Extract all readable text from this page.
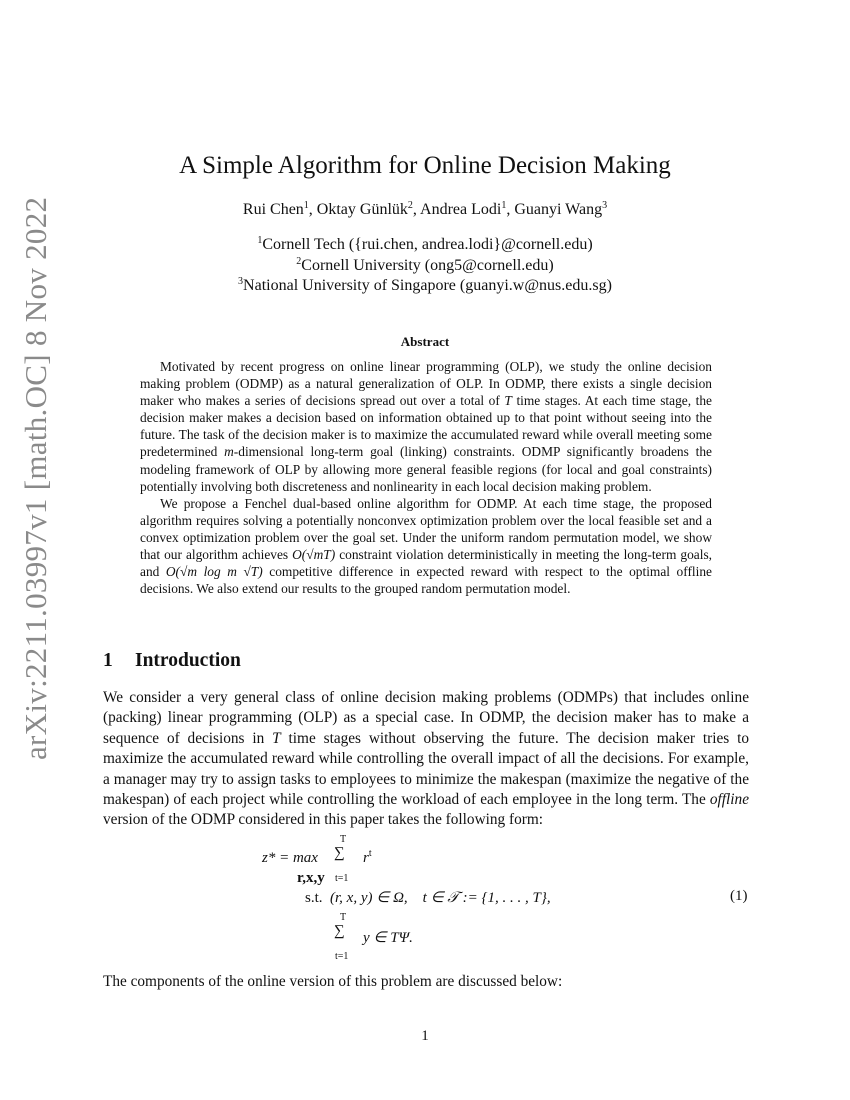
arXiv:2211.03997v1 [math.OC] 8 Nov 2022
A Simple Algorithm for Online Decision Making
Rui Chen$^1$, Oktay Günlük$^2$, Andrea Lodi$^1$, Guanyi Wang$^3$
$^1$Cornell Tech ({rui.chen, andrea.lodi}@cornell.edu)
$^2$Cornell University (ong5@cornell.edu)
$^3$National University of Singapore (guanyi.w@nus.edu.sg)
Abstract

Motivated by recent progress on online linear programming (OLP), we study the online decision making problem (ODMP) as a natural generalization of OLP. In ODMP, there exists a single decision maker who makes a series of decisions spread out over a total of T time stages. At each time stage, the decision maker makes a decision based on information obtained up to that point without seeing into the future. The task of the decision maker is to maximize the accumulated reward while overall meeting some predetermined m-dimensional long-term goal (linking) constraints. ODMP significantly broadens the modeling framework of OLP by allowing more general feasible regions (for local and goal constraints) potentially involving both discreteness and nonlinearity in each local decision making problem.

We propose a Fenchel dual-based online algorithm for ODMP. At each time stage, the proposed algorithm requires solving a potentially nonconvex optimization problem over the local feasible set and a convex optimization problem over the goal set. Under the uniform random permutation model, we show that our algorithm achieves O(√mT) constraint violation deterministically in meeting the long-term goals, and O(√m log m √T) competitive difference in expected reward with respect to the optimal offline decisions. We also extend our results to the grouped random permutation model.

1 Introduction

We consider a very general class of online decision making problems (ODMPs) that includes online (packing) linear programming (OLP) as a special case. In ODMP, the decision maker has to make a sequence of decisions in T time stages without observing the future. The decision maker tries to maximize the accumulated reward while controlling the overall impact of all the decisions. For example, a manager may try to assign tasks to employees to minimize the makespan (maximize the negative of the makespan) of each project while controlling the workload of each employee in the long term. The offline version of the ODMP considered in this paper takes the following form:

z* = max
r,x,y
T
∑
t=1
$r^t$
s.t. (r, x, y) ∈ Ω, t ∈ 𝒯 := {1, . . . , T},
T
∑
t=1
y ∈ TΨ.
(1)
The components of the online version of this problem are discussed below:
1
